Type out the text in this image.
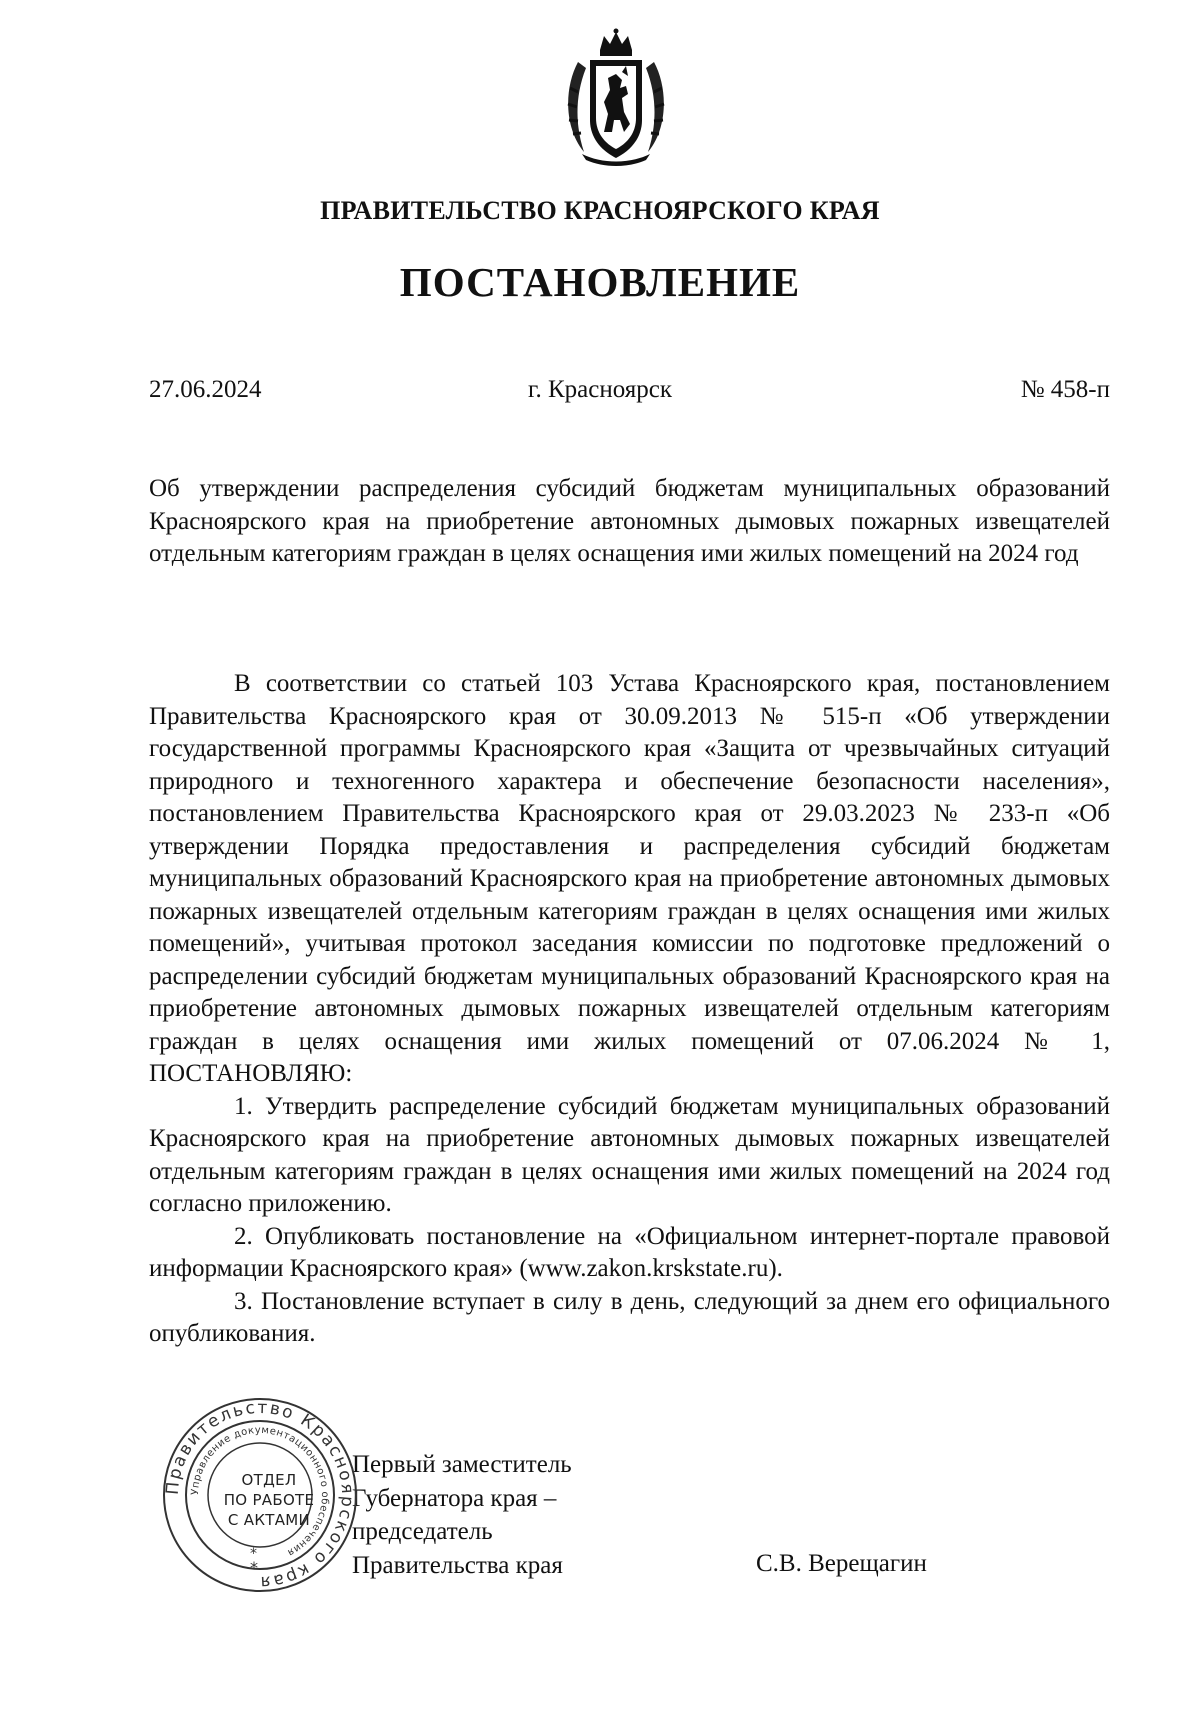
ПРАВИТЕЛЬСТВО КРАСНОЯРСКОГО КРАЯ
ПОСТАНОВЛЕНИЕ
27.06.2024	г. Красноярск	№ 458-п
Об утверждении распределения субсидий бюджетам муниципальных образований Красноярского края на приобретение автономных дымовых пожарных извещателей отдельным категориям граждан в целях оснащения ими жилых помещений на 2024 год

В соответствии со статьей 103 Устава Красноярского края, постановлением Правительства Красноярского края от 30.09.2013 № 515-п «Об утверждении государственной программы Красноярского края «Защита от чрезвычайных ситуаций природного и техногенного характера и обеспечение безопасности населения», постановлением Правительства Красноярского края от 29.03.2023 № 233-п «Об утверждении Порядка предоставления и распределения субсидий бюджетам муниципальных образований Красноярского края на приобретение автономных дымовых пожарных извещателей отдельным категориям граждан в целях оснащения ими жилых помещений», учитывая протокол заседания комиссии по подготовке предложений о распределении субсидий бюджетам муниципальных образований Красноярского края на приобретение автономных дымовых пожарных извещателей отдельным категориям граждан в целях оснащения ими жилых помещений от 07.06.2024 № 1, ПОСТАНОВЛЯЮ:

1. Утвердить распределение субсидий бюджетам муниципальных образований Красноярского края на приобретение автономных дымовых пожарных извещателей отдельным категориям граждан в целях оснащения ими жилых помещений на 2024 год согласно приложению.

2. Опубликовать постановление на «Официальном интернет-портале правовой информации Красноярского края» (www.zakon.krskstate.ru).

3. Постановление вступает в силу в день, следующий за днем его официального опубликования.

Первый заместитель
Губернатора края –
председатель
Правительства края	С.В. Верещагин
Правительство Красноярского края
Управление документационного обеспечения
*
*
ОТДЕЛ
ПО РАБОТЕ
С АКТАМИ
